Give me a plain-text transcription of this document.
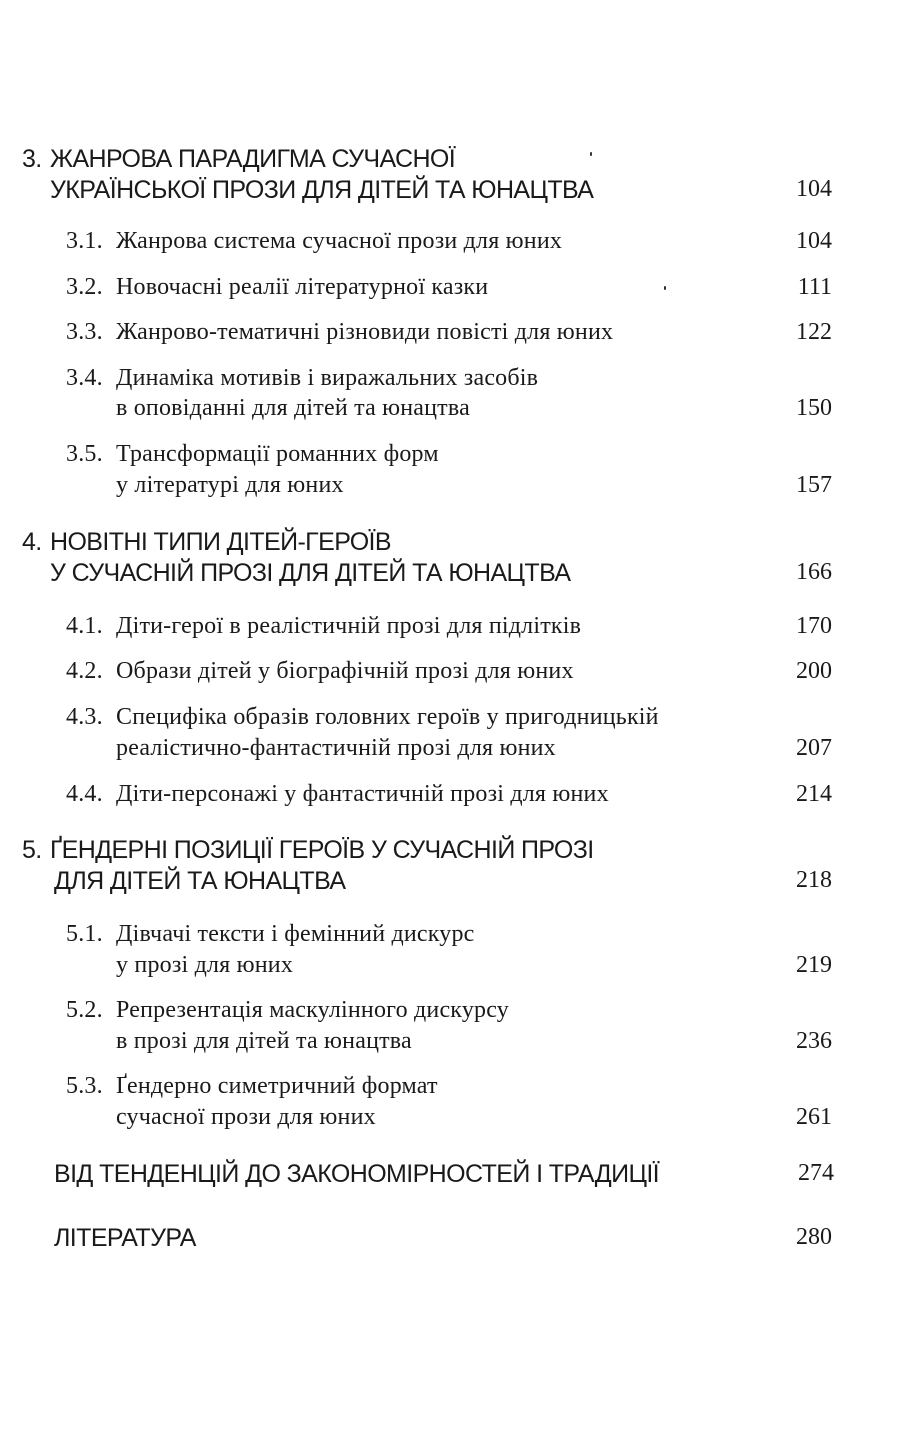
3. ЖАНРОВА ПАРАДИГМА СУЧАСНОЇ
УКРАЇНСЬКОЇ ПРОЗИ ДЛЯ ДІТЕЙ ТА ЮНАЦТВА	104
3.1. Жанрова система сучасної прози для юних	104
3.2. Новочасні реалії літературної казки	111
3.3. Жанрово-тематичні різновиди повісті для юних	122
3.4. Динаміка мотивів і виражальних засобів
в оповіданні для дітей та юнацтва	150
3.5. Трансформації романних форм
у літературі для юних	157
4. НОВІТНІ ТИПИ ДІТЕЙ-ГЕРОЇВ
У СУЧАСНІЙ ПРОЗІ ДЛЯ ДІТЕЙ ТА ЮНАЦТВА	166
4.1. Діти-герої в реалістичній прозі для підлітків	170
4.2. Образи дітей у біографічній прозі для юних	200
4.3. Специфіка образів головних героїв у пригодницькій
реалістично-фантастичній прозі для юних	207
4.4. Діти-персонажі у фантастичній прозі для юних	214
5. ҐЕНДЕРНІ ПОЗИЦІЇ ГЕРОЇВ У СУЧАСНІЙ ПРОЗІ
ДЛЯ ДІТЕЙ ТА ЮНАЦТВА	218
5.1. Дівчачі тексти і фемінний дискурс
у прозі для юних	219
5.2. Репрезентація маскулінного дискурсу
в прозі для дітей та юнацтва	236
5.3. Ґендерно симетричний формат
сучасної прози для юних	261
ВІД ТЕНДЕНЦІЙ ДО ЗАКОНОМІРНОСТЕЙ І ТРАДИЦІЇ	274
ЛІТЕРАТУРА	280
